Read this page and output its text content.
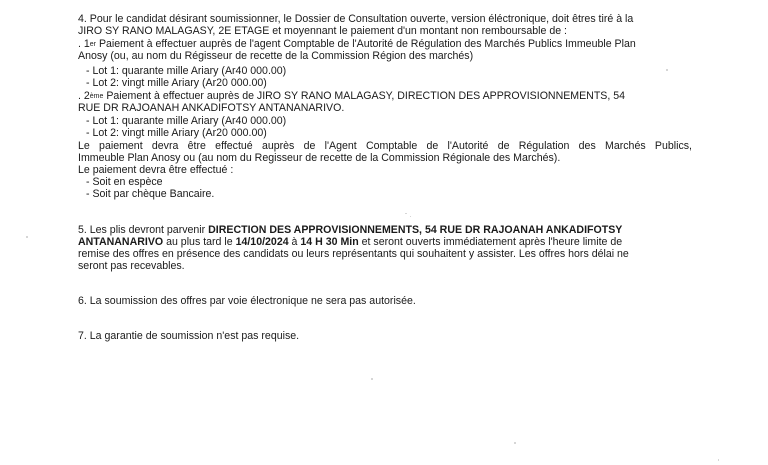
4. Pour le candidat désirant soumissionner, le Dossier de Consultation ouverte, version éléctronique, doit êtres tiré à la
JIRO SY RANO MALAGASY, 2E ETAGE et moyennant le paiement d'un montant non remboursable de :
. 1er Paiement à effectuer auprès de l'agent Comptable de l'Autorité de Régulation des Marchés Publics Immeuble Plan
Anosy (ou, au nom du Régisseur de recette de la Commission Région des marchés)
- Lot 1: quarante mille Ariary (Ar40 000.00)
- Lot 2: vingt mille Ariary (Ar20 000.00)
. 2ème Paiement à effectuer auprès de JIRO SY RANO MALAGASY, DIRECTION DES APPROVISIONNEMENTS, 54
RUE DR RAJOANAH ANKADIFOTSY ANTANANARIVO.
- Lot 1: quarante mille Ariary (Ar40 000.00)
- Lot 2: vingt mille Ariary (Ar20 000.00)
Le paiement devra être effectué auprès de l'Agent Comptable de l'Autorité de Régulation des Marchés Publics,
Immeuble Plan Anosy ou (au nom du Regisseur de recette de la Commission Régionale des Marchés).
Le paiement devra être effectué :
- Soit en espèce
- Soit par chèque Bancaire.
5. Les plis devront parvenir DIRECTION DES APPROVISIONNEMENTS, 54 RUE DR RAJOANAH ANKADIFOTSY
ANTANANARIVO au plus tard le 14/10/2024 à 14 H 30 Min et seront ouverts immédiatement après l'heure limite de
remise des offres en présence des candidats ou leurs représentants qui souhaitent y assister. Les offres hors délai ne
seront pas recevables.
6. La soumission des offres par voie électronique ne sera pas autorisée.
7. La garantie de soumission n'est pas requise.
